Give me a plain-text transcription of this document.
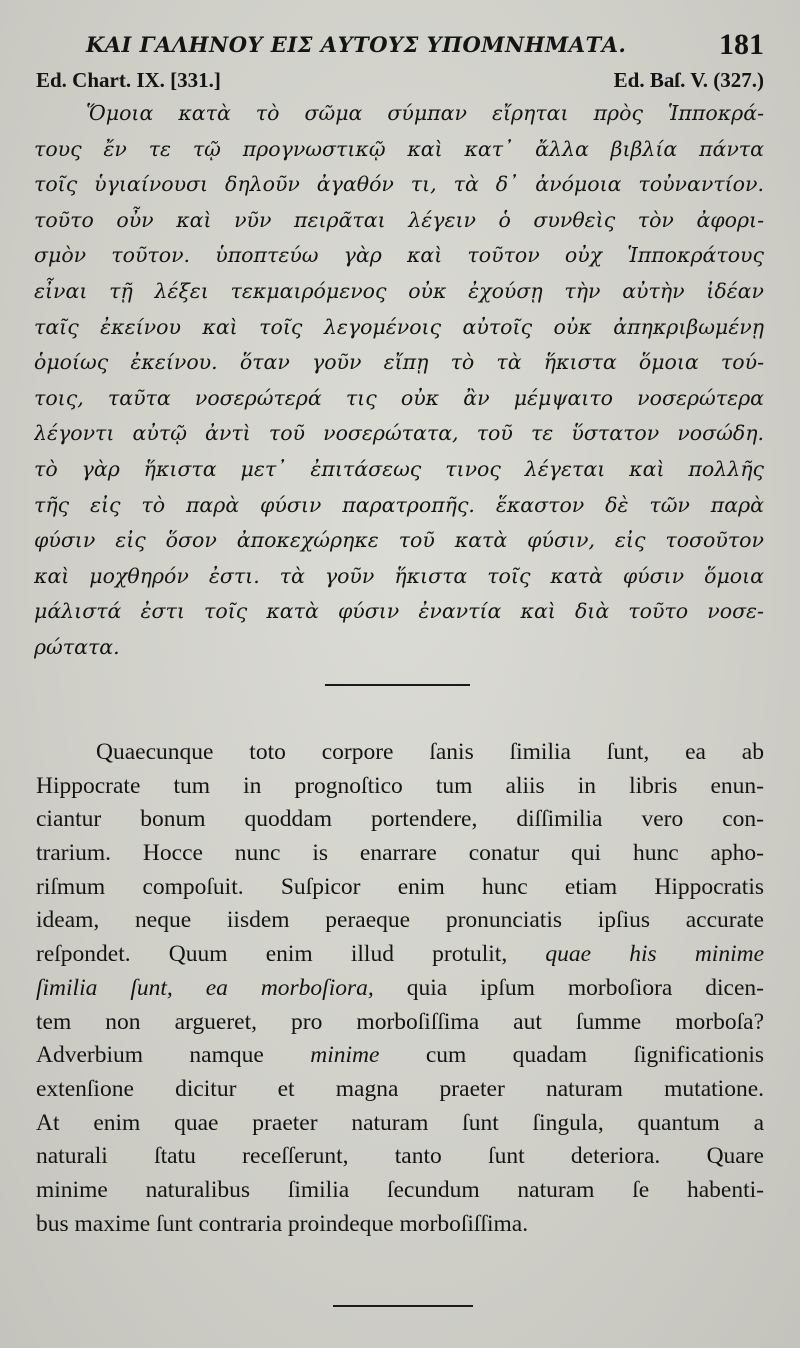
ΚΑΙ ΓΑΛΗΝΟΥ ΕΙΣ ΑΥΤΟΥΣ ΥΠΟΜΝΗΜΑΤΑ.	181
Ed. Chart. IX. [331.]	Ed. Baſ. V. (327.)
Ὅμοια κατὰ τὸ σῶμα σύμπαν εἴρηται πρὸς Ἱπποκρά-
τους ἔν τε τῷ προγνωστικῷ καὶ κατ᾽ ἄλλα βιβλία πάντα
τοῖς ὑγιαίνουσι δηλοῦν ἀγαθόν τι, τὰ δ᾽ ἀνόμοια τοὐναντίον.
τοῦτο οὖν καὶ νῦν πειρᾶται λέγειν ὁ συνθεὶς τὸν ἀφορι-
σμὸν τοῦτον. ὑποπτεύω γὰρ καὶ τοῦτον οὐχ Ἱπποκράτους
εἶναι τῇ λέξει τεκμαιρόμενος οὐκ ἐχούσῃ τὴν αὐτὴν ἰδέαν
ταῖς ἐκείνου καὶ τοῖς λεγομένοις αὐτοῖς οὐκ ἀπηκριβωμένῃ
ὁμοίως ἐκείνου. ὅταν γοῦν εἴπῃ τὸ τὰ ἥκιστα ὅμοια τού-
τοις, ταῦτα νοσερώτερά τις οὐκ ἂν μέμψαιτο νοσερώτερα
λέγοντι αὐτῷ ἀντὶ τοῦ νοσερώτατα, τοῦ τε ὕστατον νοσώδη.
τὸ γὰρ ἥκιστα μετ᾽ ἐπιτάσεως τινος λέγεται καὶ πολλῆς
τῆς εἰς τὸ παρὰ φύσιν παρατροπῆς. ἕκαστον δὲ τῶν παρὰ
φύσιν εἰς ὅσον ἀποκεχώρηκε τοῦ κατὰ φύσιν, εἰς τοσοῦτον
καὶ μοχθηρόν ἐστι. τὰ γοῦν ἥκιστα τοῖς κατὰ φύσιν ὅμοια
μάλιστά ἐστι τοῖς κατὰ φύσιν ἐναντία καὶ διὰ τοῦτο νοσε-
ρώτατα.
Quaecunque toto corpore ſanis ſimilia ſunt, ea ab
Hippocrate tum in prognoſtico tum aliis in libris enun-
ciantur bonum quoddam portendere, diſſimilia vero con-
trarium. Hocce nunc is enarrare conatur qui hunc apho-
riſmum compoſuit. Suſpicor enim hunc etiam Hippocratis
ideam, neque iisdem peraeque pronunciatis ipſius accurate
reſpondet. Quum enim illud protulit, quae his minime
ſimilia ſunt, ea morboſiora, quia ipſum morboſiora dicen-
tem non argueret, pro morboſiſſima aut ſumme morboſa?
Adverbium namque minime cum quadam ſignificationis
extenſione dicitur et magna praeter naturam mutatione.
At enim quae praeter naturam ſunt ſingula, quantum a
naturali ſtatu receſſerunt, tanto ſunt deteriora. Quare
minime naturalibus ſimilia ſecundum naturam ſe habenti-
bus maxime ſunt contraria proindeque morboſiſſima.
